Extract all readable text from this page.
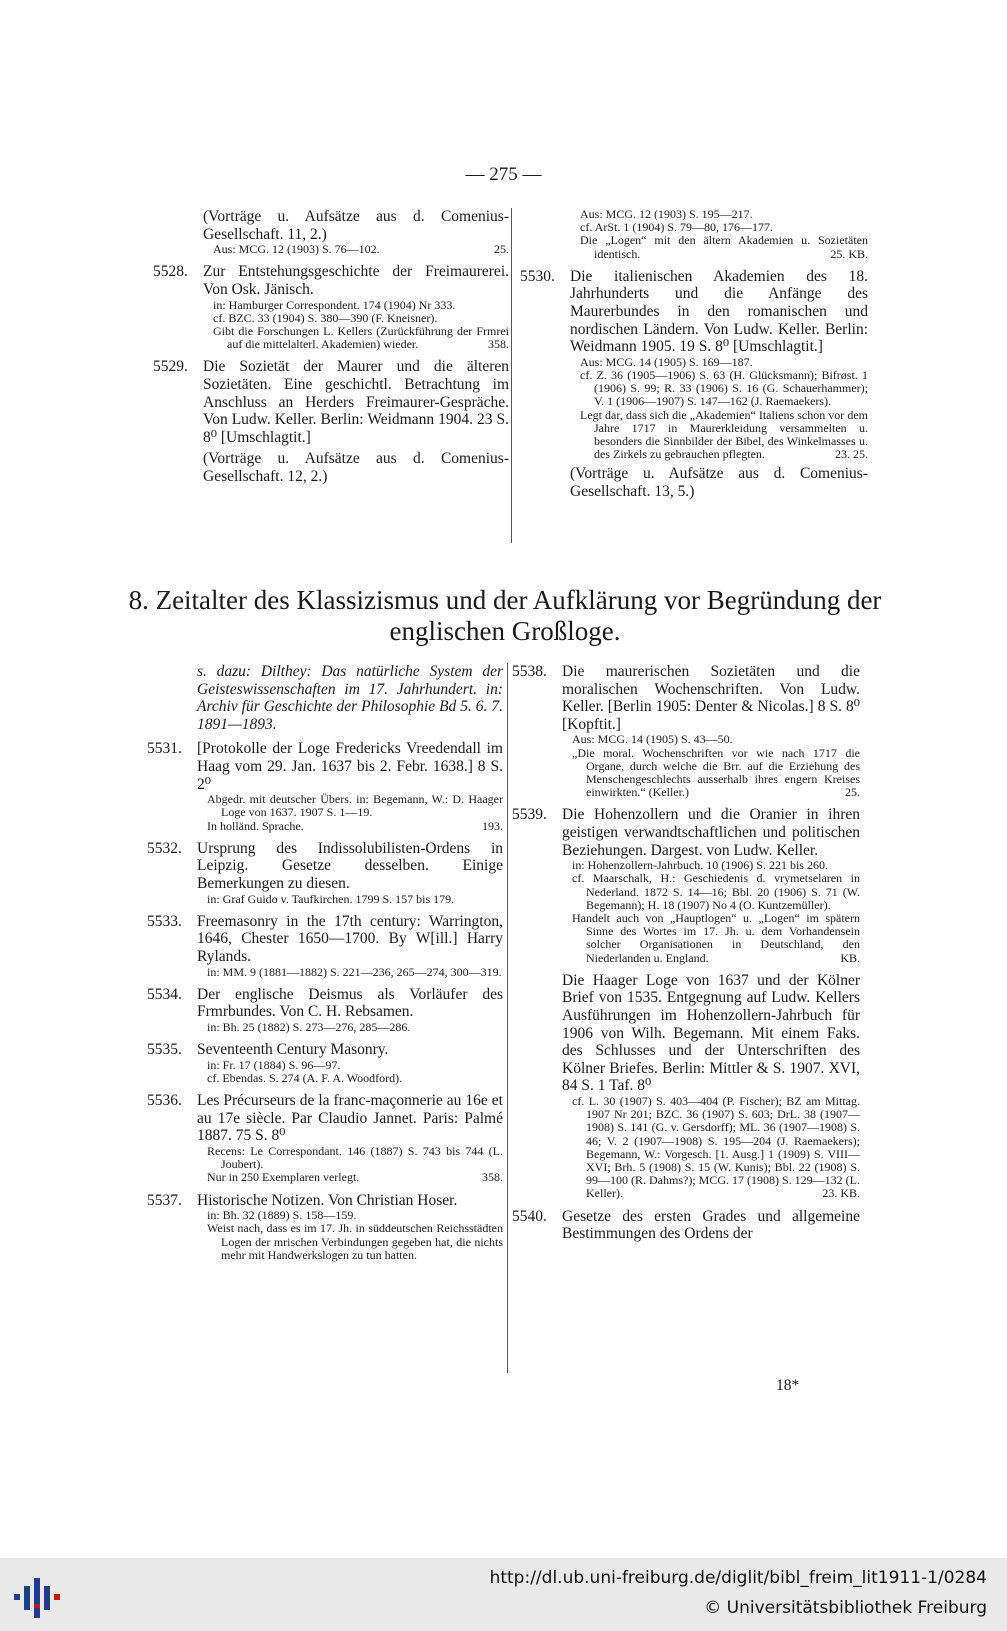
— 275 —

(Vorträge u. Aufsätze aus d. Comenius-Gesellschaft. 11, 2.)

Aus: MCG. 12 (1903) S. 76—102.	25.

5528. Zur Entstehungsgeschichte der Freimaurerei. Von Osk. Jänisch.

in: Hamburger Correspondent. 174 (1904) Nr 333.

cf. BZC. 33 (1904) S. 380—390 (F. Kneisner).

Gibt die Forschungen L. Kellers (Zurückführung der Frmrei auf die mittelalterl. Akademien) wieder.	358.

5529. Die Sozietät der Maurer und die älteren Sozietäten. Eine geschichtl. Betrachtung im Anschluss an Herders Freimaurer-Gespräche. Von Ludw. Keller. Berlin: Weidmann 1904. 23 S. 8⁰ [Umschlagtit.]

(Vorträge u. Aufsätze aus d. Comenius-Gesellschaft. 12, 2.)

Aus: MCG. 12 (1903) S. 195—217.

cf. ArSt. 1 (1904) S. 79—80, 176—177.

Die „Logen“ mit den ältern Akademien u. Sozietäten identisch.	25. KB.

5530. Die italienischen Akademien des 18. Jahrhunderts und die Anfänge des Maurerbundes in den romanischen und nordischen Ländern. Von Ludw. Keller. Berlin: Weidmann 1905. 19 S. 8⁰ [Umschlagtit.]

Aus: MCG. 14 (1905) S. 169—187.

cf. Z. 36 (1905—1906) S. 63 (H. Glücksmann); Bifrøst. 1 (1906) S. 99; R. 33 (1906) S. 16 (G. Schauerhammer); V. 1 (1906—1907) S. 147—162 (J. Raemaekers).

Legt dar, dass sich die „Akademien“ Italiens schon vor dem Jahre 1717 in Maurerkleidung versammelten u. besonders die Sinnbilder der Bibel, des Winkelmasses u. des Zirkels zu gebrauchen pflegten.	23. 25.

(Vorträge u. Aufsätze aus d. Comenius-Gesellschaft. 13, 5.)

8. Zeitalter des Klassizismus und der Aufklärung vor Begründung der englischen Großloge.

s. dazu: Dilthey: Das natürliche System der Geisteswissenschaften im 17. Jahrhundert. in: Archiv für Geschichte der Philosophie Bd 5. 6. 7. 1891—1893.

5531. [Protokolle der Loge Fredericks Vreedendall im Haag vom 29. Jan. 1637 bis 2. Febr. 1638.] 8 S. 2⁰

Abgedr. mit deutscher Übers. in: Begemann, W.: D. Haager Loge von 1637. 1907 S. 1—19.

In holländ. Sprache.	193.

5532. Ursprung des Indissolubilisten-Ordens in Leipzig. Gesetze desselben. Einige Bemerkungen zu diesen.

in: Graf Guido v. Taufkirchen. 1799 S. 157 bis 179.

5533. Freemasonry in the 17th century: Warrington, 1646, Chester 1650—1700. By W[ill.] Harry Rylands.

in: MM. 9 (1881—1882) S. 221—236, 265—274, 300—319.

5534. Der englische Deismus als Vorläufer des Frmrbundes. Von C. H. Rebsamen.

in: Bh. 25 (1882) S. 273—276, 285—286.

5535. Seventeenth Century Masonry.

in: Fr. 17 (1884) S. 96—97.

cf. Ebendas. S. 274 (A. F. A. Woodford).

5536. Les Précurseurs de la franc-maçonnerie au 16e et au 17e siècle. Par Claudio Jannet. Paris: Palmé 1887. 75 S. 8⁰

Recens: Le Correspondant. 146 (1887) S. 743 bis 744 (L. Joubert).

Nur in 250 Exemplaren verlegt.	358.

5537. Historische Notizen. Von Christian Hoser.

in: Bh. 32 (1889) S. 158—159.

Weist nach, dass es im 17. Jh. in süddeutschen Reichsstädten Logen der mrischen Verbindungen gegeben hat, die nichts mehr mit Handwerkslogen zu tun hatten.

5538. Die maurerischen Sozietäten und die moralischen Wochenschriften. Von Ludw. Keller. [Berlin 1905: Denter & Nicolas.] 8 S. 8⁰ [Kopftit.]

Aus: MCG. 14 (1905) S. 43—50.

„Die moral. Wochenschriften vor wie nach 1717 die Organe, durch welche die Brr. auf die Erziehung des Menschengeschlechts ausserhalb ihres engern Kreises einwirkten.“ (Keller.)	25.

5539. Die Hohenzollern und die Oranier in ihren geistigen verwandtschaftlichen und politischen Beziehungen. Dargest. von Ludw. Keller.

in: Hohenzollern-Jahrbuch. 10 (1906) S. 221 bis 260.

cf. Maarschalk, H.: Geschiedenis d. vrymetselaren in Nederland. 1872 S. 14—16; Bbl. 20 (1906) S. 71 (W. Begemann); H. 18 (1907) No 4 (O. Kuntzemüller).

Handelt auch von „Hauptlogen“ u. „Logen“ im spätern Sinne des Wortes im 17. Jh. u. dem Vorhandensein solcher Organisationen in Deutschland, den Niederlanden u. England.	KB.

Die Haager Loge von 1637 und der Kölner Brief von 1535. Entgegnung auf Ludw. Kellers Ausführungen im Hohenzollern-Jahrbuch für 1906 von Wilh. Begemann. Mit einem Faks. des Schlusses und der Unterschriften des Kölner Briefes. Berlin: Mittler & S. 1907. XVI, 84 S. 1 Taf. 8⁰

cf. L. 30 (1907) S. 403—404 (P. Fischer); BZ am Mittag. 1907 Nr 201; BZC. 36 (1907) S. 603; DrL. 38 (1907—1908) S. 141 (G. v. Gersdorff); ML. 36 (1907—1908) S. 46; V. 2 (1907—1908) S. 195—204 (J. Raemaekers); Begemann, W.: Vorgesch. [1. Ausg.] 1 (1909) S. VIII—XVI; Brh. 5 (1908) S. 15 (W. Kunis); Bbl. 22 (1908) S. 99—100 (R. Dahms?); MCG. 17 (1908) S. 129—132 (L. Keller).	23. KB.

5540. Gesetze des ersten Grades und allgemeine Bestimmungen des Ordens der

18*
http://dl.ub.uni-freiburg.de/diglit/bibl_freim_lit1911-1/0284
© Universitätsbibliothek Freiburg
